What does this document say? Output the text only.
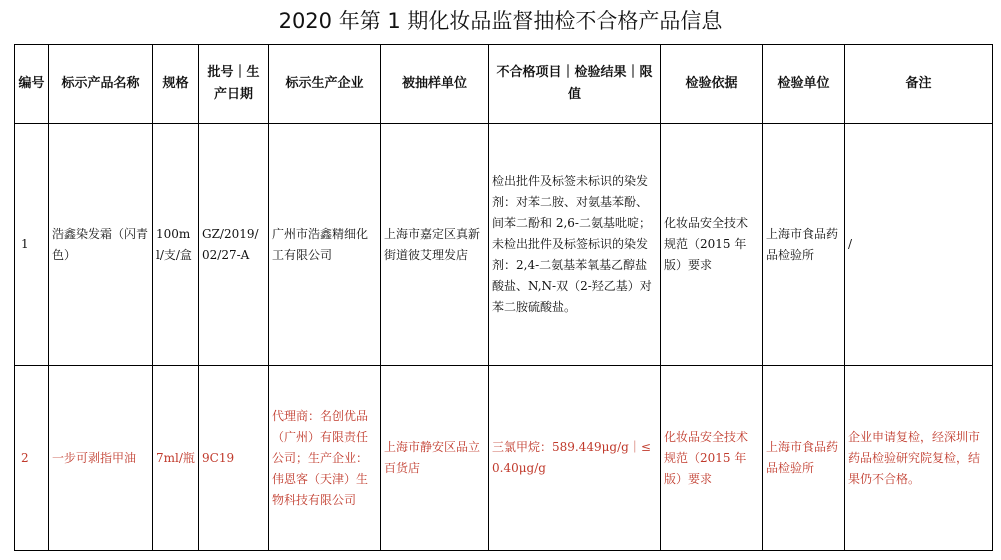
2020 年第 1 期化妆品监督抽检不合格产品信息
编号	标示产品名称	规格	批号｜生产日期	标示生产企业	被抽样单位	不合格项目｜检验结果｜限值	检验依据	检验单位	备注
1	浩鑫染发霜（闪青色）	100ml/支/盒	GZ/2019/02/27-A	广州市浩鑫精细化工有限公司	上海市嘉定区真新街道彼艾理发店	检出批件及标签未标识的染发剂：对苯二胺、对氨基苯酚、间苯二酚和 2,6-二氨基吡啶；未检出批件及标签标识的染发剂：2,4-二氨基苯氧基乙醇盐酸盐、N,N-双（2-羟乙基）对苯二胺硫酸盐。	化妆品安全技术规范（2015 年版）要求	上海市食品药品检验所	/
2	一步可剥指甲油	7ml/瓶	9C19	代理商：名创优品（广州）有限责任公司；生产企业：伟恩客（天津）生物科技有限公司	上海市静安区品立百货店	三氯甲烷：589.449μg/g｜≤0.40μg/g	化妆品安全技术规范（2015 年版）要求	上海市食品药品检验所	企业申请复检，经深圳市药品检验研究院复检，结果仍不合格。
